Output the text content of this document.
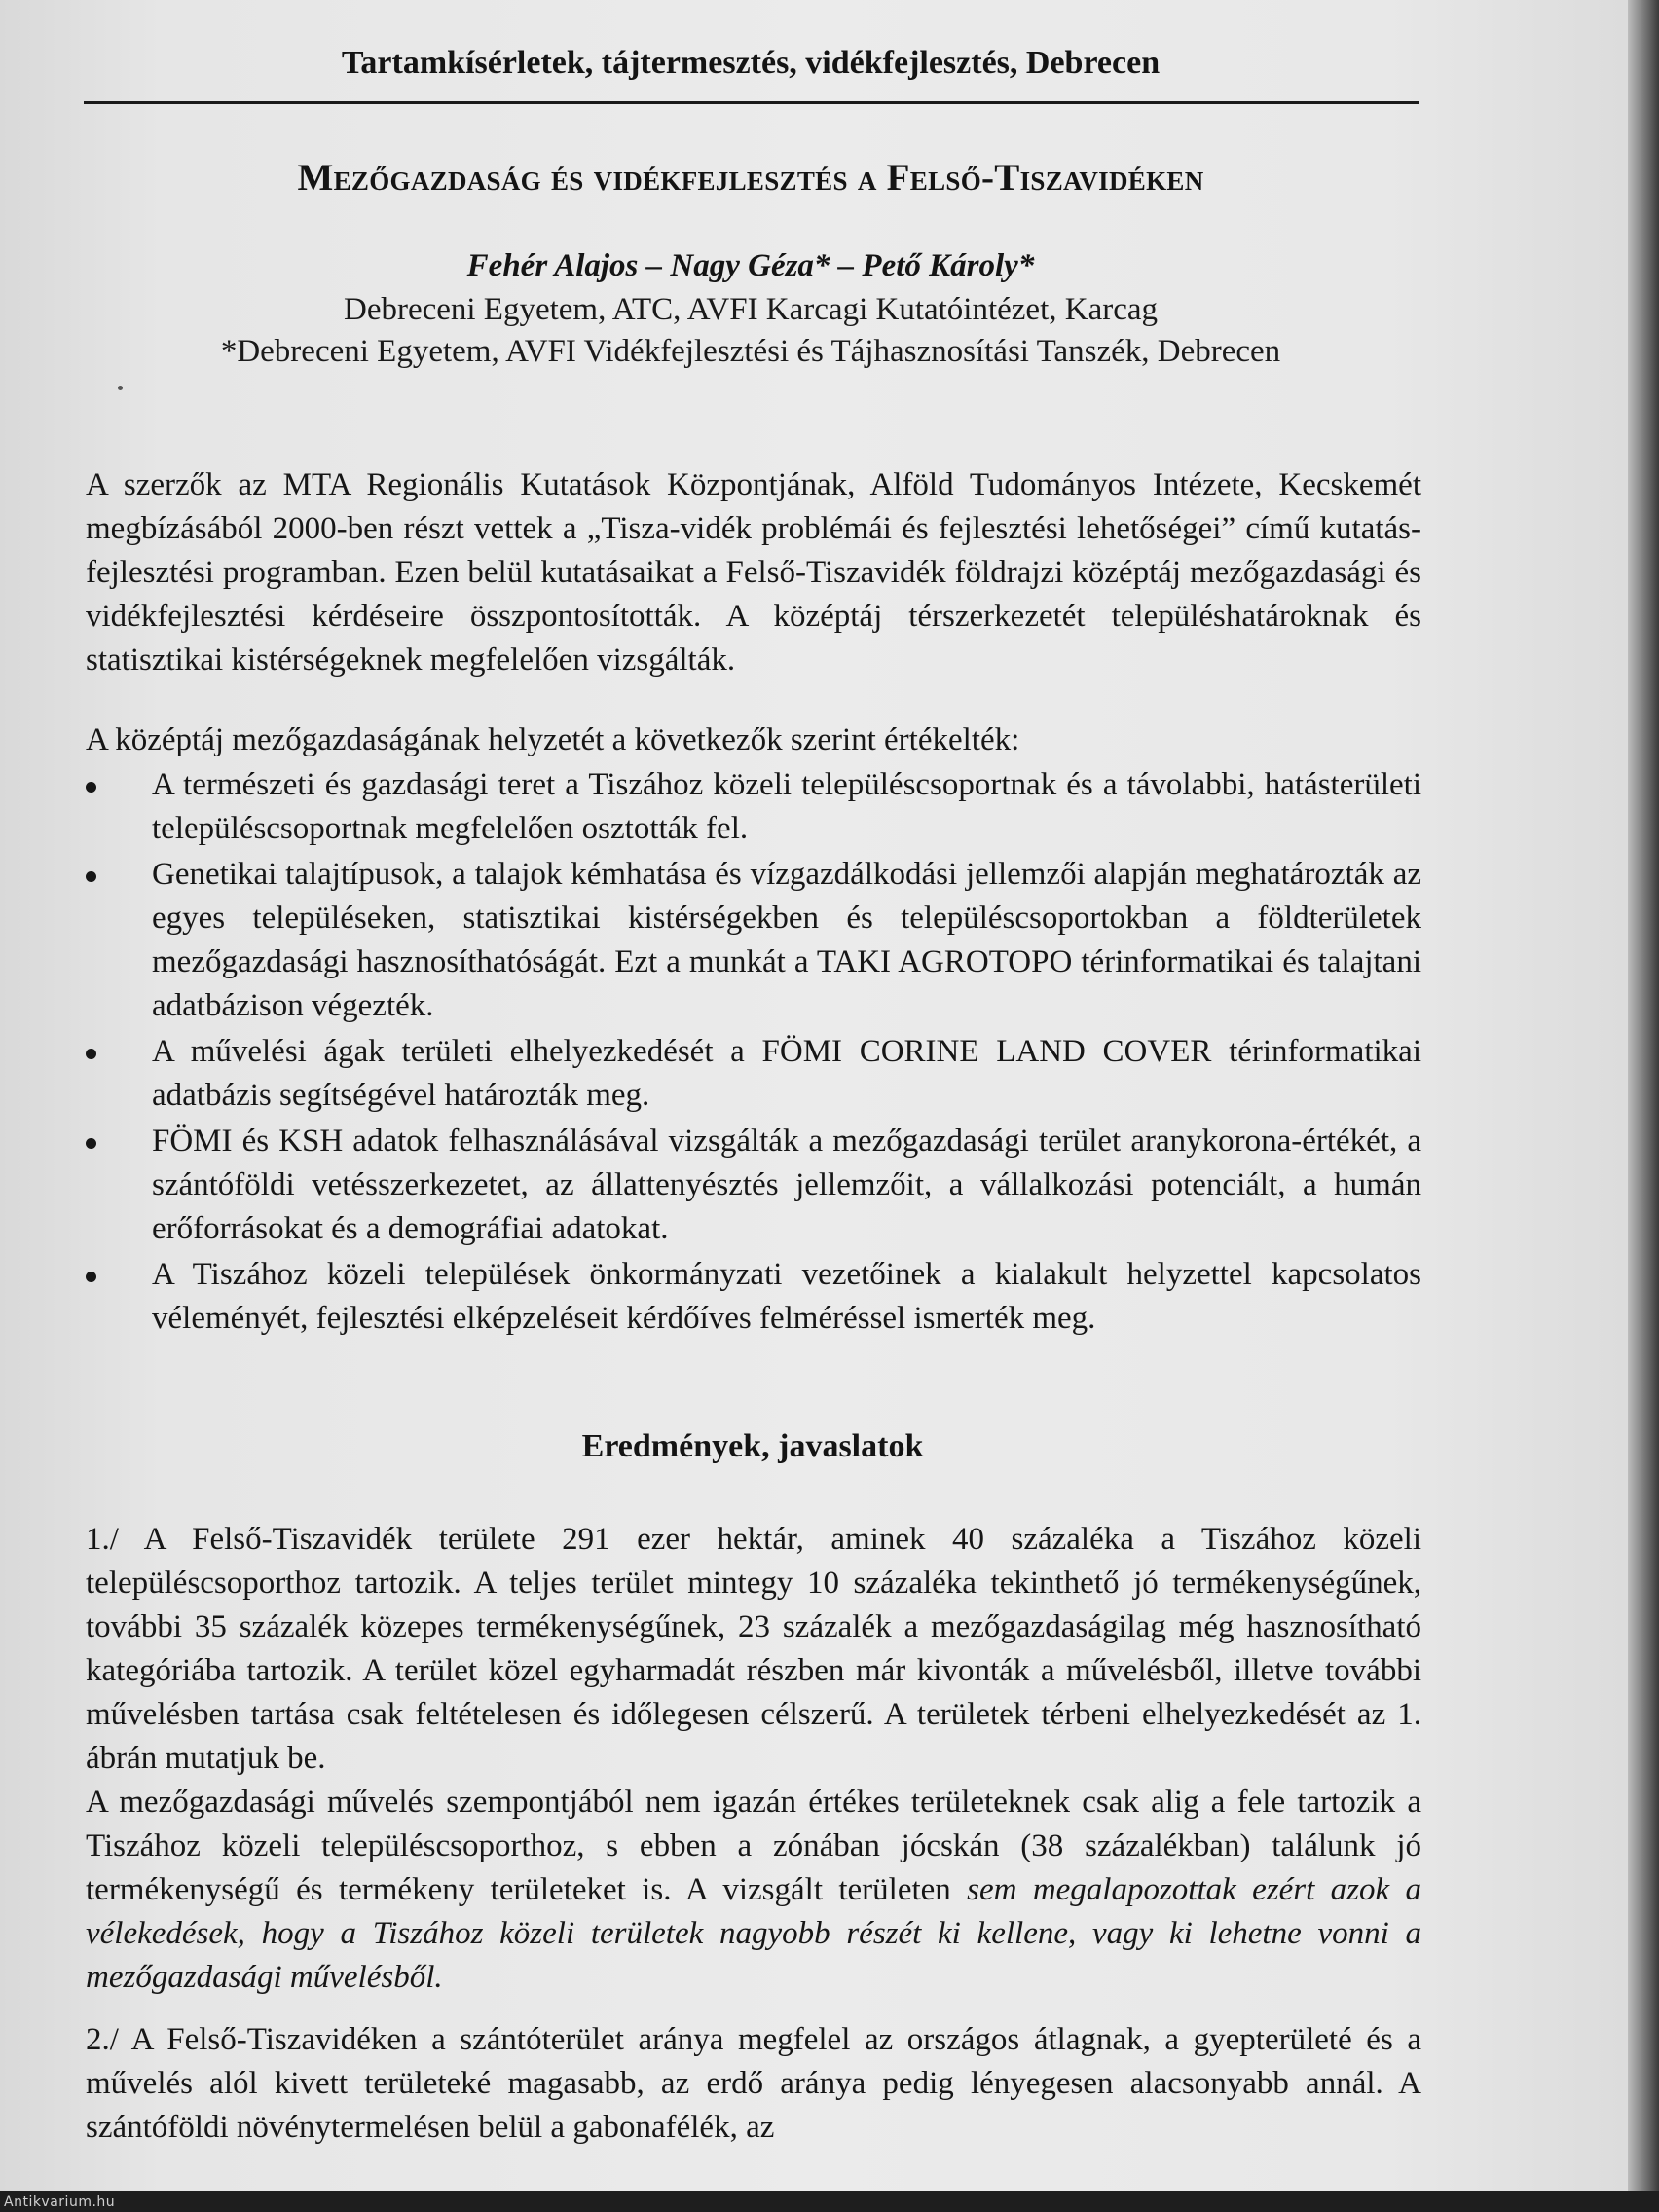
Tartamkísérletek, tájtermesztés, vidékfejlesztés, Debrecen
Mezőgazdaság és vidékfejlesztés a Felső-Tiszavidéken
Fehér Alajos – Nagy Géza* – Pető Károly*
Debreceni Egyetem, ATC, AVFI Karcagi Kutatóintézet, Karcag
*Debreceni Egyetem, AVFI Vidékfejlesztési és Tájhasznosítási Tanszék, Debrecen
A szerzők az MTA Regionális Kutatások Központjának, Alföld Tudományos Intézete, Kecskemét megbízásából 2000-ben részt vettek a „Tisza-vidék problémái és fejlesztési lehetőségei” című kutatás-fejlesztési programban. Ezen belül kutatásaikat a Felső-Tiszavidék földrajzi középtáj mezőgazdasági és vidékfejlesztési kérdéseire összpontosították. A középtáj térszerkezetét településhatároknak és statisztikai kistérségeknek megfelelően vizsgálták.
A középtáj mezőgazdaságának helyzetét a következők szerint értékelték:
A természeti és gazdasági teret a Tiszához közeli településcsoportnak és a távolabbi, hatásterületi településcsoportnak megfelelően osztották fel.
Genetikai talajtípusok, a talajok kémhatása és vízgazdálkodási jellemzői alapján meghatározták az egyes településeken, statisztikai kistérségekben és településcsoportokban a földterületek mezőgazdasági hasznosíthatóságát. Ezt a munkát a TAKI AGROTOPO térinformatikai és talajtani adatbázison végezték.
A művelési ágak területi elhelyezkedését a FÖMI CORINE LAND COVER térinformatikai adatbázis segítségével határozták meg.
FÖMI és KSH adatok felhasználásával vizsgálták a mezőgazdasági terület aranykorona-értékét, a szántóföldi vetésszerkezetet, az állattenyésztés jellemzőit, a vállalkozási potenciált, a humán erőforrásokat és a demográfiai adatokat.
A Tiszához közeli települések önkormányzati vezetőinek a kialakult helyzettel kapcsolatos véleményét, fejlesztési elképzeléseit kérdőíves felméréssel ismerték meg.
Eredmények, javaslatok
1./ A Felső-Tiszavidék területe 291 ezer hektár, aminek 40 százaléka a Tiszához közeli településcsoporthoz tartozik. A teljes terület mintegy 10 százaléka tekinthető jó termékenységűnek, további 35 százalék közepes termékenységűnek, 23 százalék a mezőgazdaságilag még hasznosítható kategóriába tartozik. A terület közel egyharmadát részben már kivonták a művelésből, illetve további művelésben tartása csak feltételesen és időlegesen célszerű. A területek térbeni elhelyezkedését az 1. ábrán mutatjuk be.
A mezőgazdasági művelés szempontjából nem igazán értékes területeknek csak alig a fele tartozik a Tiszához közeli településcsoporthoz, s ebben a zónában jócskán (38 százalékban) találunk jó termékenységű és termékeny területeket is. A vizsgált területen sem megalapozottak ezért azok a vélekedések, hogy a Tiszához közeli területek nagyobb részét ki kellene, vagy ki lehetne vonni a mezőgazdasági művelésből.
2./ A Felső-Tiszavidéken a szántóterület aránya megfelel az országos átlagnak, a gyepterületé és a művelés alól kivett területeké magasabb, az erdő aránya pedig lényegesen alacsonyabb annál. A szántóföldi növénytermelésen belül a gabonafélék, az
Antikvarium.hu
